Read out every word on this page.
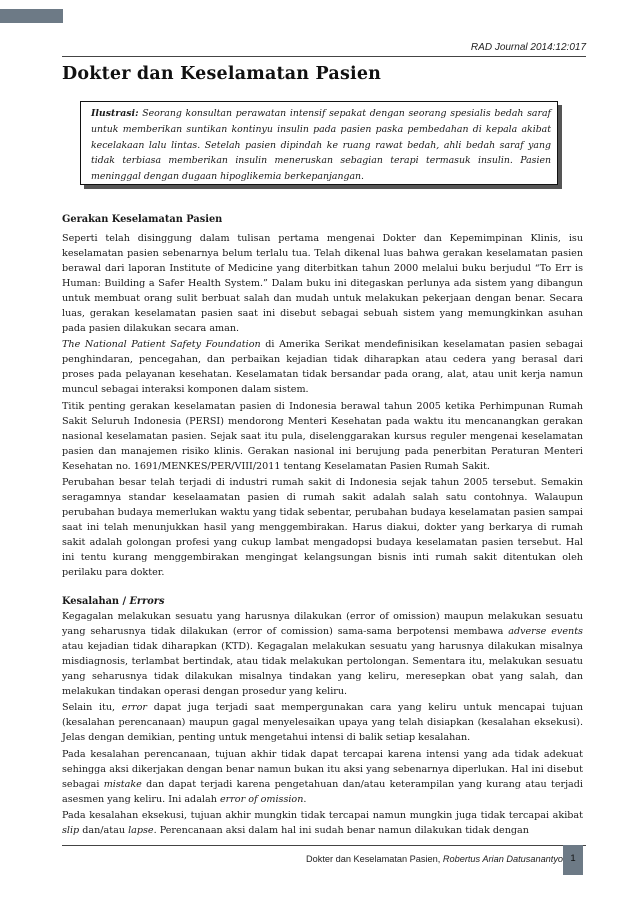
RAD Journal 2014:12:017
Dokter dan Keselamatan Pasien
Ilustrasi: Seorang konsultan perawatan intensif sepakat dengan seorang spesialis bedah saraf untuk memberikan suntikan kontinyu insulin pada pasien paska pembedahan di kepala akibat kecelakaan lalu lintas. Setelah pasien dipindah ke ruang rawat bedah, ahli bedah saraf yang tidak terbiasa memberikan insulin meneruskan sebagian terapi termasuk insulin. Pasien meninggal dengan dugaan hipoglikemia berkepanjangan.
Gerakan Keselamatan Pasien

Seperti telah disinggung dalam tulisan pertama mengenai Dokter dan Kepemimpinan Klinis, isu keselamatan pasien sebenarnya belum terlalu tua. Telah dikenal luas bahwa gerakan keselamatan pasien berawal dari laporan Institute of Medicine yang diterbitkan tahun 2000 melalui buku berjudul “To Err is Human: Building a Safer Health System.” Dalam buku ini ditegaskan perlunya ada sistem yang dibangun untuk membuat orang sulit berbuat salah dan mudah untuk melakukan pekerjaan dengan benar. Secara luas, gerakan keselamatan pasien saat ini disebut sebagai sebuah sistem yang memungkinkan asuhan pada pasien dilakukan secara aman.

The National Patient Safety Foundation di Amerika Serikat mendefinisikan keselamatan pasien sebagai penghindaran, pencegahan, dan perbaikan kejadian tidak diharapkan atau cedera yang berasal dari proses pada pelayanan kesehatan. Keselamatan tidak bersandar pada orang, alat, atau unit kerja namun muncul sebagai interaksi komponen dalam sistem.

Titik penting gerakan keselamatan pasien di Indonesia berawal tahun 2005 ketika Perhimpunan Rumah Sakit Seluruh Indonesia (PERSI) mendorong Menteri Kesehatan pada waktu itu mencanangkan gerakan nasional keselamatan pasien. Sejak saat itu pula, diselenggarakan kursus reguler mengenai keselamatan pasien dan manajemen risiko klinis. Gerakan nasional ini berujung pada penerbitan Peraturan Menteri Kesehatan no. 1691/MENKES/PER/VIII/2011 tentang Keselamatan Pasien Rumah Sakit.

Perubahan besar telah terjadi di industri rumah sakit di Indonesia sejak tahun 2005 tersebut. Semakin seragamnya standar keselaamatan pasien di rumah sakit adalah salah satu contohnya. Walaupun perubahan budaya memerlukan waktu yang tidak sebentar, perubahan budaya keselamatan pasien sampai saat ini telah menunjukkan hasil yang menggembirakan. Harus diakui, dokter yang berkarya di rumah sakit adalah golongan profesi yang cukup lambat mengadopsi budaya keselamatan pasien tersebut. Hal ini tentu kurang menggembirakan mengingat kelangsungan bisnis inti rumah sakit ditentukan oleh perilaku para dokter.

Kesalahan / Errors

Kegagalan melakukan sesuatu yang harusnya dilakukan (error of omission) maupun melakukan sesuatu yang seharusnya tidak dilakukan (error of comission) sama-sama berpotensi membawa adverse events atau kejadian tidak diharapkan (KTD). Kegagalan melakukan sesuatu yang harusnya dilakukan misalnya misdiagnosis, terlambat bertindak, atau tidak melakukan pertolongan. Sementara itu, melakukan sesuatu yang seharusnya tidak dilakukan misalnya tindakan yang keliru, meresepkan obat yang salah, dan melakukan tindakan operasi dengan prosedur yang keliru.

Selain itu, error dapat juga terjadi saat mempergunakan cara yang keliru untuk mencapai tujuan (kesalahan perencanaan) maupun gagal menyelesaikan upaya yang telah disiapkan (kesalahan eksekusi). Jelas dengan demikian, penting untuk mengetahui intensi di balik setiap kesalahan.

Pada kesalahan perencanaan, tujuan akhir tidak dapat tercapai karena intensi yang ada tidak adekuat sehingga aksi dikerjakan dengan benar namun bukan itu aksi yang sebenarnya diperlukan. Hal ini disebut sebagai mistake dan dapat terjadi karena pengetahuan dan/atau keterampilan yang kurang atau terjadi asesmen yang keliru. Ini adalah error of omission.

Pada kesalahan eksekusi, tujuan akhir mungkin tidak tercapai namun mungkin juga tidak tercapai akibat slip dan/atau lapse. Perencanaan aksi dalam hal ini sudah benar namun dilakukan tidak dengan

Dokter dan Keselamatan Pasien, Robertus Arian Datusanantyo 1
